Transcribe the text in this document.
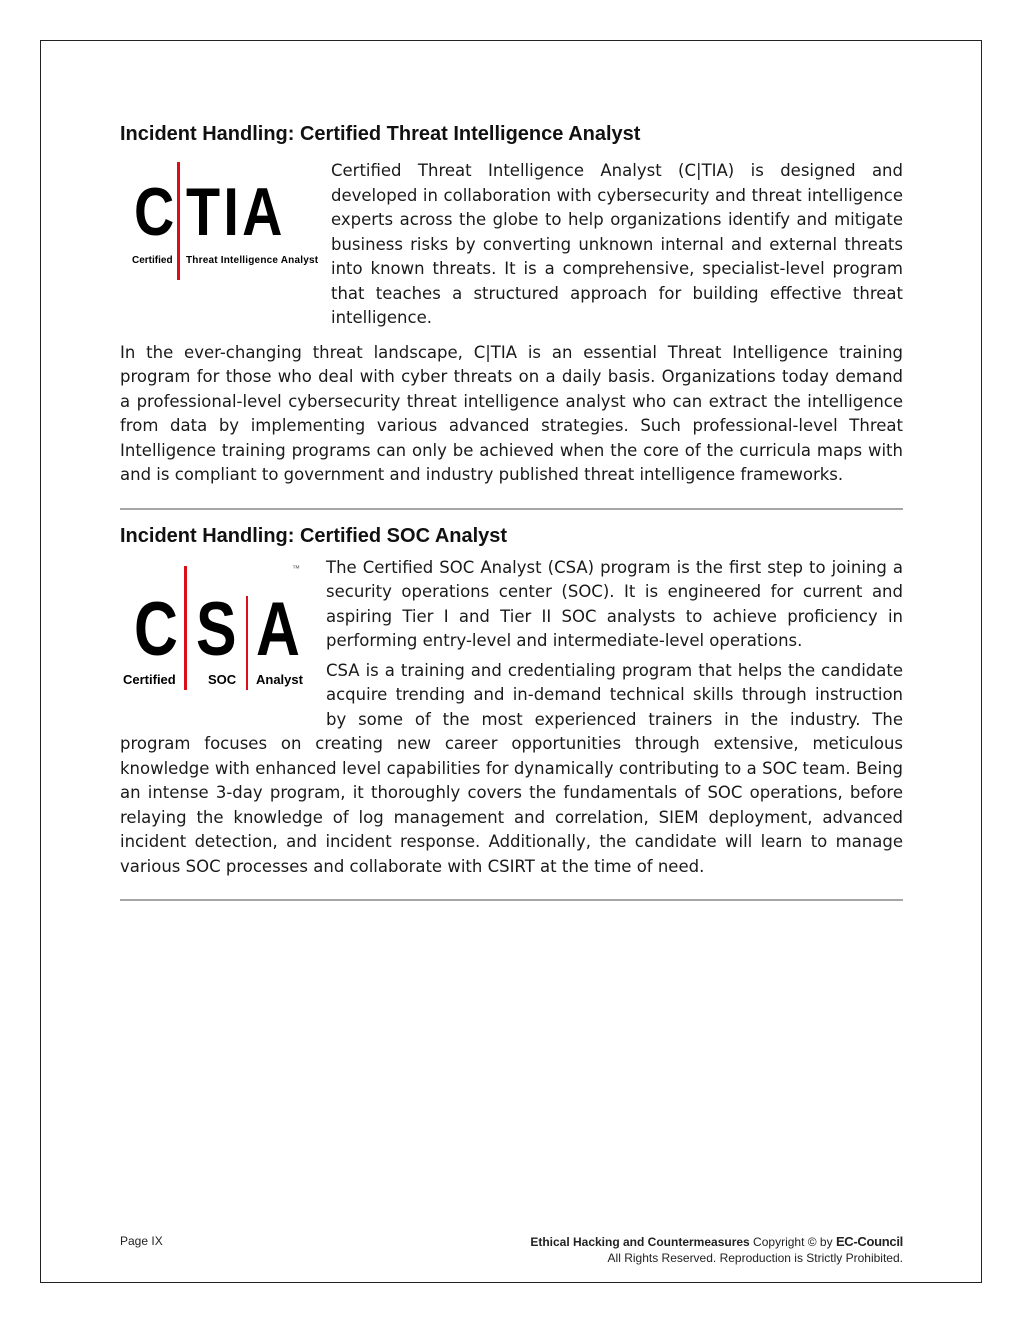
Incident Handling: Certified Threat Intelligence Analyst
C TIA
Certified Threat Intelligence Analyst

Certified Threat Intelligence Analyst (C|TIA) is designed and developed in collaboration with cybersecurity and threat intelligence experts across the globe to help organizations identify and mitigate business risks by converting unknown internal and external threats into known threats. It is a comprehensive, specialist-level program that teaches a structured approach for building effective threat intelligence.

In the ever-changing threat landscape, C|TIA is an essential Threat Intelligence training program for those who deal with cyber threats on a daily basis. Organizations today demand a professional-level cybersecurity threat intelligence analyst who can extract the intelligence from data by implementing various advanced strategies. Such professional-level Threat Intelligence training programs can only be achieved when the core of the curricula maps with and is compliant to government and industry published threat intelligence frameworks.

Incident Handling: Certified SOC Analyst
™
C S A
Certified SOC Analyst

The Certified SOC Analyst (CSA) program is the first step to joining a security operations center (SOC). It is engineered for current and aspiring Tier I and Tier II SOC analysts to achieve proficiency in performing entry-level and intermediate-level operations.

CSA is a training and credentialing program that helps the candidate acquire trending and in-demand technical skills through instruction by some of the most experienced trainers in the industry. The program focuses on creating new career opportunities through extensive, meticulous knowledge with enhanced level capabilities for dynamically contributing to a SOC team. Being an intense 3-day program, it thoroughly covers the fundamentals of SOC operations, before relaying the knowledge of log management and correlation, SIEM deployment, advanced incident detection, and incident response. Additionally, the candidate will learn to manage various SOC processes and collaborate with CSIRT at the time of need.

Page IX	Ethical Hacking and Countermeasures Copyright © by EC-Council
All Rights Reserved. Reproduction is Strictly Prohibited.
